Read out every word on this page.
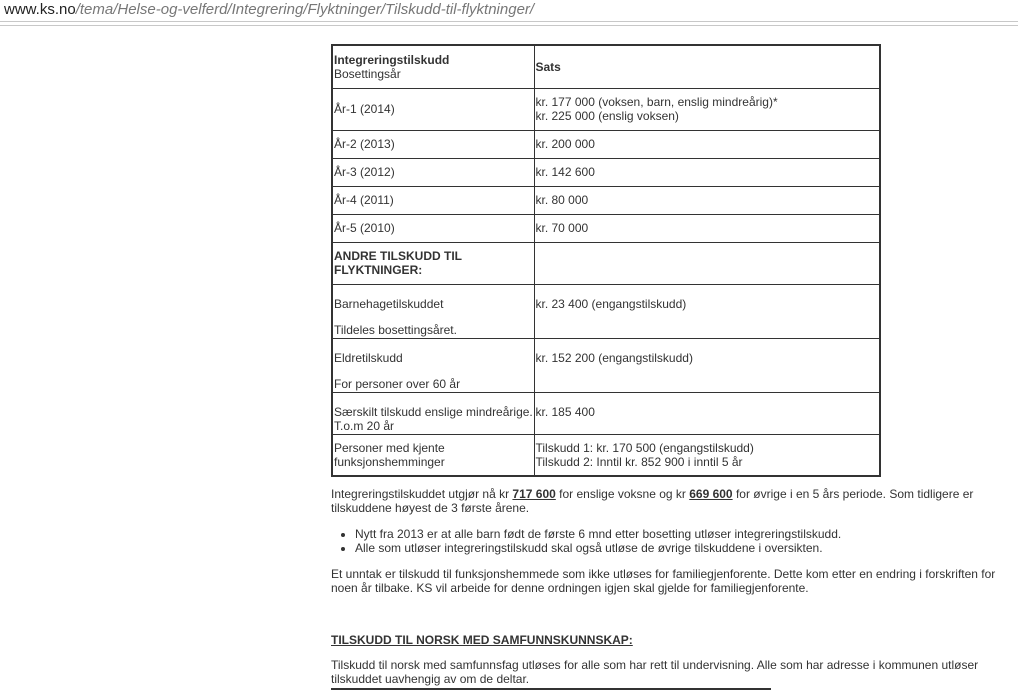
www.ks.no/tema/Helse-og-velferd/Integrering/Flyktninger/Tilskudd-til-flyktninger/
Integreringstilskudd
Bosettingsår	Sats

År-1 (2014)	kr. 177 000 (voksen, barn, enslig mindreårig)*
kr. 225 000 (enslig voksen)

År-2 (2013)	kr. 200 000
År-3 (2012)	kr. 142 600
År-4 (2011)	kr. 80 000
År-5 (2010)	kr. 70 000
ANDRE TILSKUDD TIL FLYKTNINGER:	

Barnehagetilskuddet
Tildeles bosettingsåret.	kr. 23 400 (engangstilskudd)

Eldretilskudd
For personer over 60 år	kr. 152 200 (engangstilskudd)
Særskilt tilskudd enslige mindreårige. T.o.m 20 år	kr. 185 400
Personer med kjente funksjonshemminger	Tilskudd 1: kr. 170 500 (engangstilskudd)
Tilskudd 2: Inntil kr. 852 900 i inntil 5 år

Integreringstilskuddet utgjør nå kr 717 600 for enslige voksne og kr 669 600 for øvrige i en 5 års periode. Som tidligere er tilskuddene høyest de 3 første årene.

• Nytt fra 2013 er at alle barn født de første 6 mnd etter bosetting utløser integreringstilskudd.
• Alle som utløser integreringstilskudd skal også utløse de øvrige tilskuddene i oversikten.

Et unntak er tilskudd til funksjonshemmede som ikke utløses for familiegjenforente. Dette kom etter en endring i forskriften for noen år tilbake. KS vil arbeide for denne ordningen igjen skal gjelde for familiegjenforente.

TILSKUDD TIL NORSK MED SAMFUNNSKUNNSKAP:

Tilskudd til norsk med samfunnsfag utløses for alle som har rett til undervisning. Alle som har adresse i kommunen utløser tilskuddet uavhengig av om de deltar.
